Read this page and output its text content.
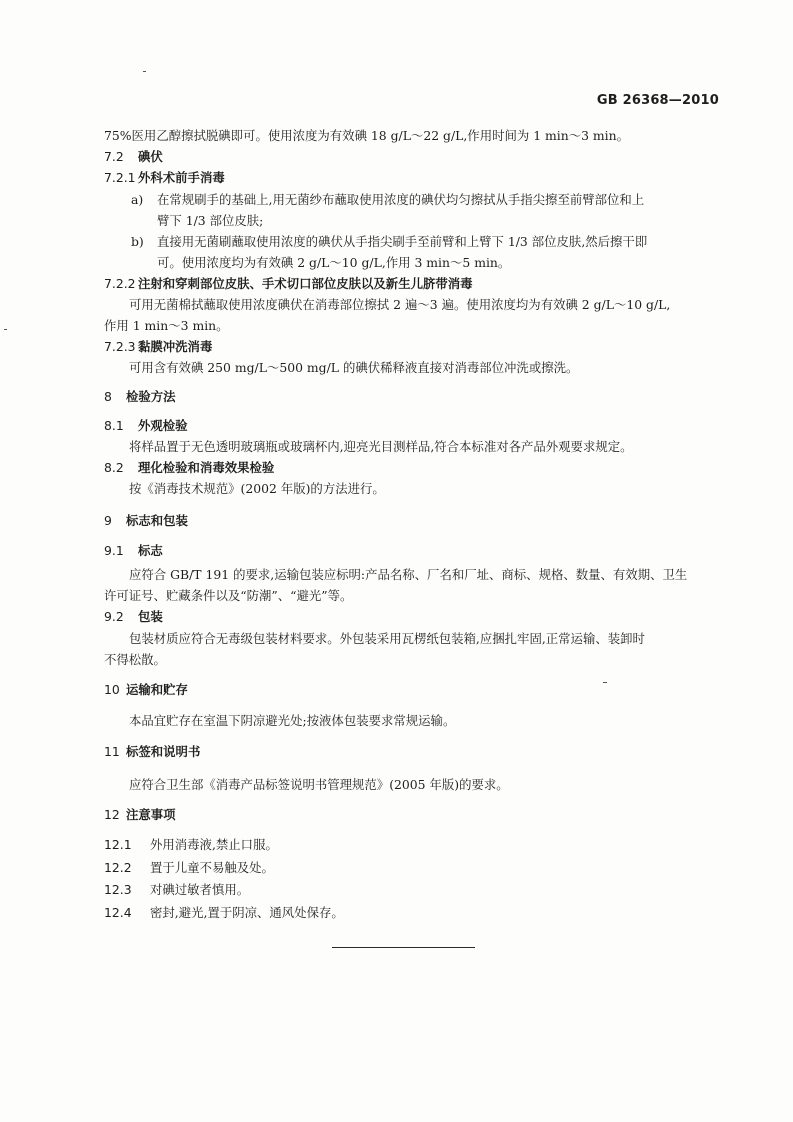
GB 26368—2010
75%医用乙醇擦拭脱碘即可。使用浓度为有效碘 18 g/L～22 g/L,作用时间为 1 min～3 min。
7.2 碘伏
7.2.1 外科术前手消毒
a) 在常规刷手的基础上,用无菌纱布蘸取使用浓度的碘伏均匀擦拭从手指尖擦至前臂部位和上
臂下 1/3 部位皮肤;
b) 直接用无菌刷蘸取使用浓度的碘伏从手指尖刷手至前臂和上臂下 1/3 部位皮肤,然后擦干即
可。使用浓度均为有效碘 2 g/L～10 g/L,作用 3 min～5 min。
7.2.2 注射和穿刺部位皮肤、手术切口部位皮肤以及新生儿脐带消毒
可用无菌棉拭蘸取使用浓度碘伏在消毒部位擦拭 2 遍～3 遍。使用浓度均为有效碘 2 g/L～10 g/L,
作用 1 min～3 min。
7.2.3 黏膜冲洗消毒
可用含有效碘 250 mg/L～500 mg/L 的碘伏稀释液直接对消毒部位冲洗或擦洗。
8 检验方法
8.1 外观检验
将样品置于无色透明玻璃瓶或玻璃杯内,迎亮光目测样品,符合本标准对各产品外观要求规定。
8.2 理化检验和消毒效果检验
按《消毒技术规范》(2002 年版)的方法进行。
9 标志和包装
9.1 标志
应符合 GB/T 191 的要求,运输包装应标明:产品名称、厂名和厂址、商标、规格、数量、有效期、卫生
许可证号、贮藏条件以及“防潮”、“避光”等。
9.2 包装
包装材质应符合无毒级包装材料要求。外包装采用瓦楞纸包装箱,应捆扎牢固,正常运输、装卸时
不得松散。
10 运输和贮存
本品宜贮存在室温下阴凉避光处;按液体包装要求常规运输。
11 标签和说明书
应符合卫生部《消毒产品标签说明书管理规范》(2005 年版)的要求。
12 注意事项
12.1 外用消毒液,禁止口服。
12.2 置于儿童不易触及处。
12.3 对碘过敏者慎用。
12.4 密封,避光,置于阴凉、通风处保存。
